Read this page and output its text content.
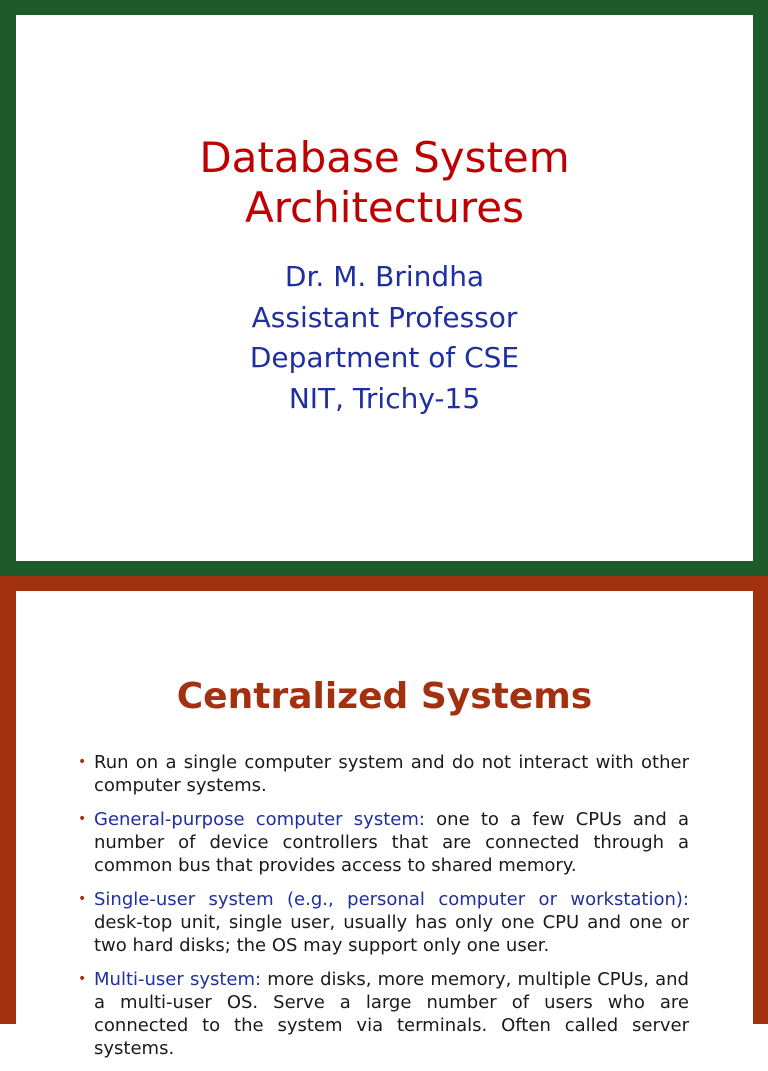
Database System
Architectures
Dr. M. Brindha
Assistant Professor
Department of CSE
NIT, Trichy-15
Centralized Systems
• Run on a single computer system and do not interact with other computer systems.
• General-purpose computer system: one to a few CPUs and a number of device controllers that are connected through a common bus that provides access to shared memory.
• Single-user system (e.g., personal computer or workstation): desk-top unit, single user, usually has only one CPU and one or two hard disks; the OS may support only one user.
• Multi-user system: more disks, more memory, multiple CPUs, and a multi-user OS. Serve a large number of users who are connected to the system via terminals. Often called server systems.
